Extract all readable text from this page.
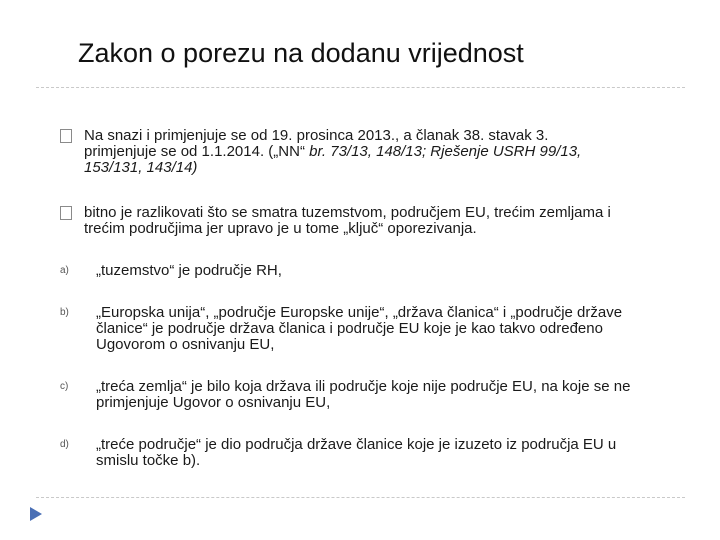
Zakon o porezu na dodanu vrijednost
Na snazi i primjenjuje se od 19. prosinca 2013., a članak 38. stavak 3. primjenjuje se od 1.1.2014. („NN“ br. 73/13, 148/13; Rješenje USRH 99/13, 153/131, 143/14)
bitno je razlikovati što se smatra tuzemstvom, područjem EU, trećim zemljama i trećim područjima jer upravo je u tome „ključ“ oporezivanja.
a)	„tuzemstvo“ je područje RH,
b)	„Europska unija“, „područje Europske unije“, „država članica“ i „područje države članice“ je područje država članica i područje EU koje je kao takvo određeno Ugovorom o osnivanju EU,
c)	„treća zemlja“ je bilo koja država ili područje koje nije područje EU, na koje se ne primjenjuje Ugovor o osnivanju EU,
d)	„treće područje“ je dio područja države članice koje je izuzeto iz područja EU u smislu točke b).
